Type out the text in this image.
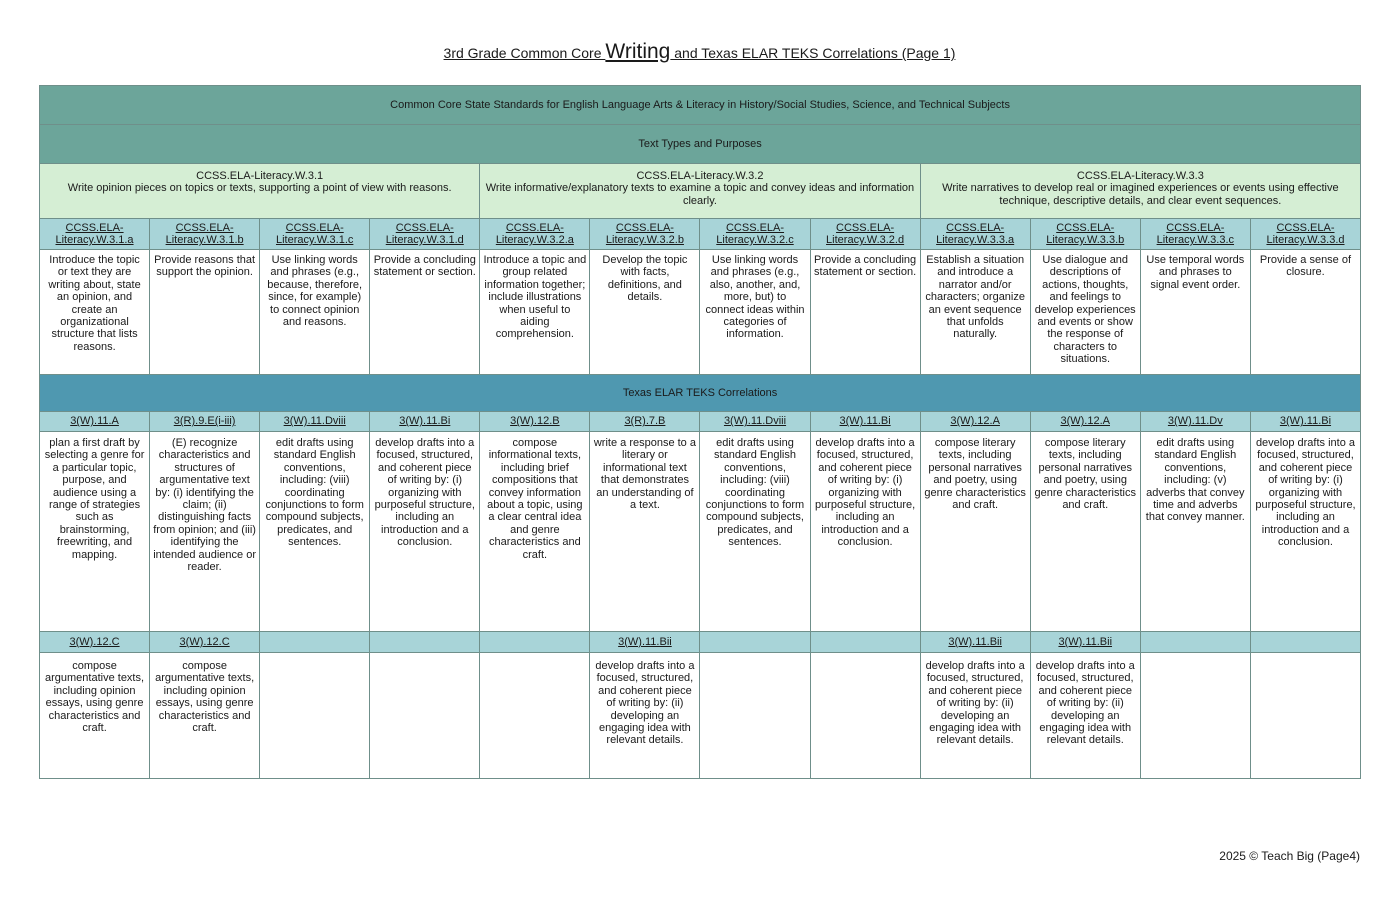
3rd Grade Common Core Writing and Texas ELAR TEKS Correlations (Page 1)
Common Core State Standards for English Language Arts & Literacy in History/Social Studies, Science, and Technical Subjects											
Text Types and Purposes											
CCSS.ELA-Literacy.W.3.1
Write opinion pieces on topics or texts, supporting a point of view with reasons.				CCSS.ELA-Literacy.W.3.2
Write informative/explanatory texts to examine a topic and convey ideas and information clearly.				CCSS.ELA-Literacy.W.3.3
Write narratives to develop real or imagined experiences or events using effective technique, descriptive details, and clear event sequences.			
CCSS.ELA-Literacy.W.3.1.a	CCSS.ELA-Literacy.W.3.1.b	CCSS.ELA-Literacy.W.3.1.c	CCSS.ELA-Literacy.W.3.1.d	CCSS.ELA-Literacy.W.3.2.a	CCSS.ELA-Literacy.W.3.2.b	CCSS.ELA-Literacy.W.3.2.c	CCSS.ELA-Literacy.W.3.2.d	CCSS.ELA-Literacy.W.3.3.a	CCSS.ELA-Literacy.W.3.3.b	CCSS.ELA-Literacy.W.3.3.c	CCSS.ELA-Literacy.W.3.3.d
Introduce the topic or text they are writing about, state an opinion, and create an organizational structure that lists reasons.	Provide reasons that support the opinion.	Use linking words and phrases (e.g., because, therefore, since, for example) to connect opinion and reasons.	Provide a concluding statement or section.	Introduce a topic and group related information together; include illustrations when useful to aiding comprehension.	Develop the topic with facts, definitions, and details.	Use linking words and phrases (e.g., also, another, and, more, but) to connect ideas within categories of information.	Provide a concluding statement or section.	Establish a situation and introduce a narrator and/or characters; organize an event sequence that unfolds naturally.	Use dialogue and descriptions of actions, thoughts, and feelings to develop experiences and events or show the response of characters to situations.	Use temporal words and phrases to signal event order.	Provide a sense of closure.
Texas ELAR TEKS Correlations											
3(W).11.A	3(R).9.E(i-iii)	3(W).11.Dviii	3(W).11.Bi	3(W).12.B	3(R).7.B	3(W).11.Dviii	3(W).11.Bi	3(W).12.A	3(W).12.A	3(W).11.Dv	3(W).11.Bi
plan a first draft by selecting a genre for a particular topic, purpose, and audience using a range of strategies such as brainstorming, freewriting, and mapping.	(E) recognize characteristics and structures of argumentative text by: (i) identifying the claim; (ii) distinguishing facts from opinion; and (iii) identifying the intended audience or reader.	edit drafts using standard English conventions, including: (viii) coordinating conjunctions to form compound subjects, predicates, and sentences.	develop drafts into a focused, structured, and coherent piece of writing by: (i) organizing with purposeful structure, including an introduction and a conclusion.	compose informational texts, including brief compositions that convey information about a topic, using a clear central idea and genre characteristics and craft.	write a response to a literary or informational text that demonstrates an understanding of a text.	edit drafts using standard English conventions, including: (viii) coordinating conjunctions to form compound subjects, predicates, and sentences.	develop drafts into a focused, structured, and coherent piece of writing by: (i) organizing with purposeful structure, including an introduction and a conclusion.	compose literary texts, including personal narratives and poetry, using genre characteristics and craft.	compose literary texts, including personal narratives and poetry, using genre characteristics and craft.	edit drafts using standard English conventions, including: (v) adverbs that convey time and adverbs that convey manner.	develop drafts into a focused, structured, and coherent piece of writing by: (i) organizing with purposeful structure, including an introduction and a conclusion.
3(W).12.C	3(W).12.C				3(W).11.Bii			3(W).11.Bii	3(W).11.Bii		
compose argumentative texts, including opinion essays, using genre characteristics and craft.	compose argumentative texts, including opinion essays, using genre characteristics and craft.				develop drafts into a focused, structured, and coherent piece of writing by: (ii) developing an engaging idea with relevant details.			develop drafts into a focused, structured, and coherent piece of writing by: (ii) developing an engaging idea with relevant details.	develop drafts into a focused, structured, and coherent piece of writing by: (ii) developing an engaging idea with relevant details.		
2025 © Teach Big (Page4)
